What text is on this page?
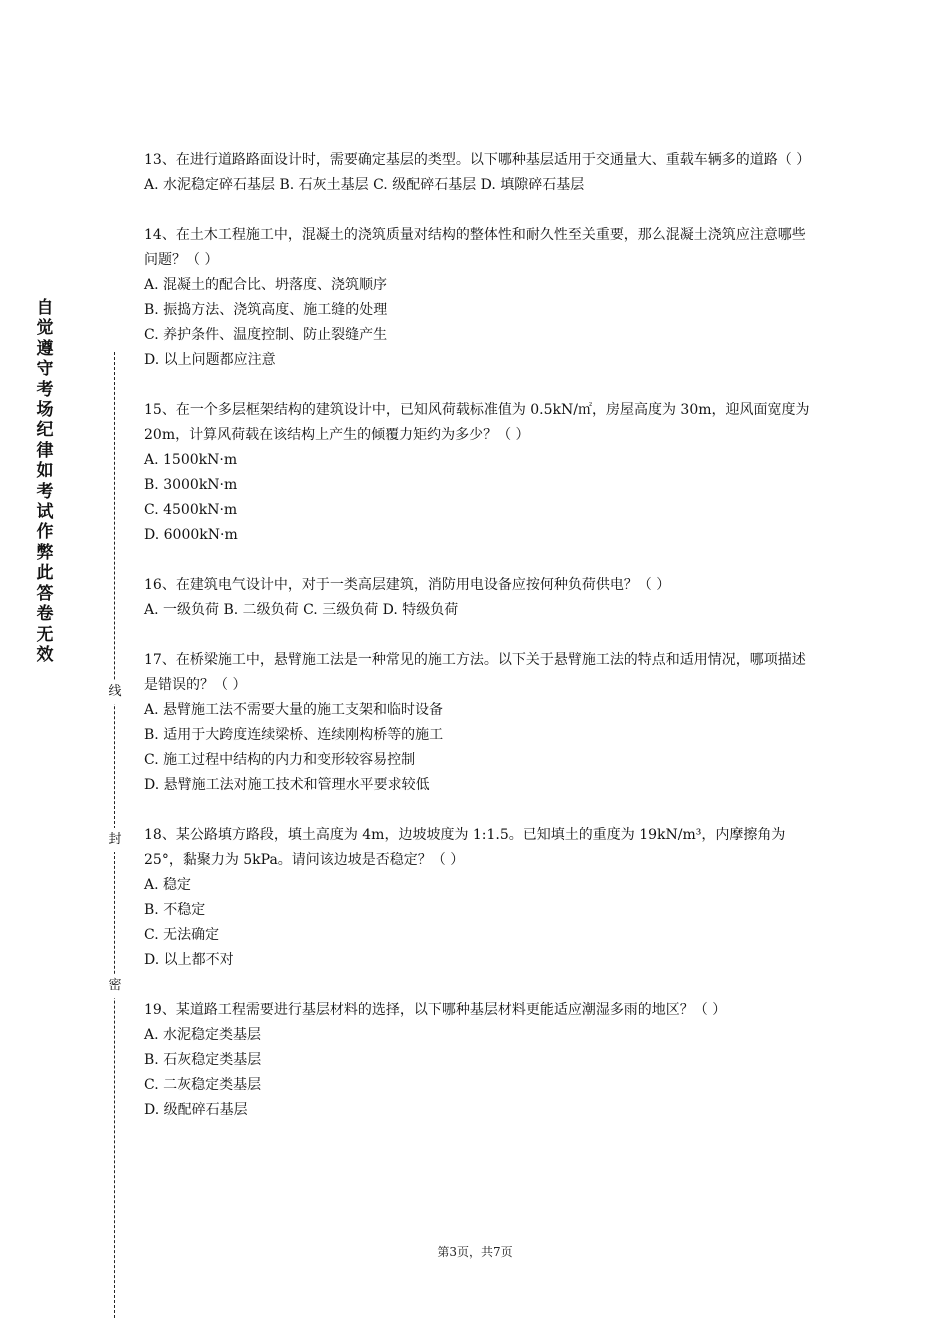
自觉遵守考场纪律如考试作弊此答卷无效
线
封
密

13、在进行道路路面设计时，需要确定基层的类型。以下哪种基层适用于交通量大、重载车辆多的道路（ ）

A. 水泥稳定碎石基层 B. 石灰土基层 C. 级配碎石基层 D. 填隙碎石基层

14、在土木工程施工中，混凝土的浇筑质量对结构的整体性和耐久性至关重要，那么混凝土浇筑应注意哪些问题？（ ）

A. 混凝土的配合比、坍落度、浇筑顺序

B. 振捣方法、浇筑高度、施工缝的处理

C. 养护条件、温度控制、防止裂缝产生

D. 以上问题都应注意

15、在一个多层框架结构的建筑设计中，已知风荷载标准值为 0.5kN/㎡，房屋高度为 30m，迎风面宽度为 20m，计算风荷载在该结构上产生的倾覆力矩约为多少？（ ）

A. 1500kN·m

B. 3000kN·m

C. 4500kN·m

D. 6000kN·m

16、在建筑电气设计中，对于一类高层建筑，消防用电设备应按何种负荷供电？（ ）

A. 一级负荷 B. 二级负荷 C. 三级负荷 D. 特级负荷

17、在桥梁施工中，悬臂施工法是一种常见的施工方法。以下关于悬臂施工法的特点和适用情况，哪项描述是错误的？（ ）

A. 悬臂施工法不需要大量的施工支架和临时设备

B. 适用于大跨度连续梁桥、连续刚构桥等的施工

C. 施工过程中结构的内力和变形较容易控制

D. 悬臂施工法对施工技术和管理水平要求较低

18、某公路填方路段，填土高度为 4m，边坡坡度为 1:1.5。已知填土的重度为 19kN/m³，内摩擦角为 25°，黏聚力为 5kPa。请问该边坡是否稳定？（ ）

A. 稳定

B. 不稳定

C. 无法确定

D. 以上都不对

19、某道路工程需要进行基层材料的选择，以下哪种基层材料更能适应潮湿多雨的地区？（ ）

A. 水泥稳定类基层

B. 石灰稳定类基层

C. 二灰稳定类基层

D. 级配碎石基层

第3页，共7页
